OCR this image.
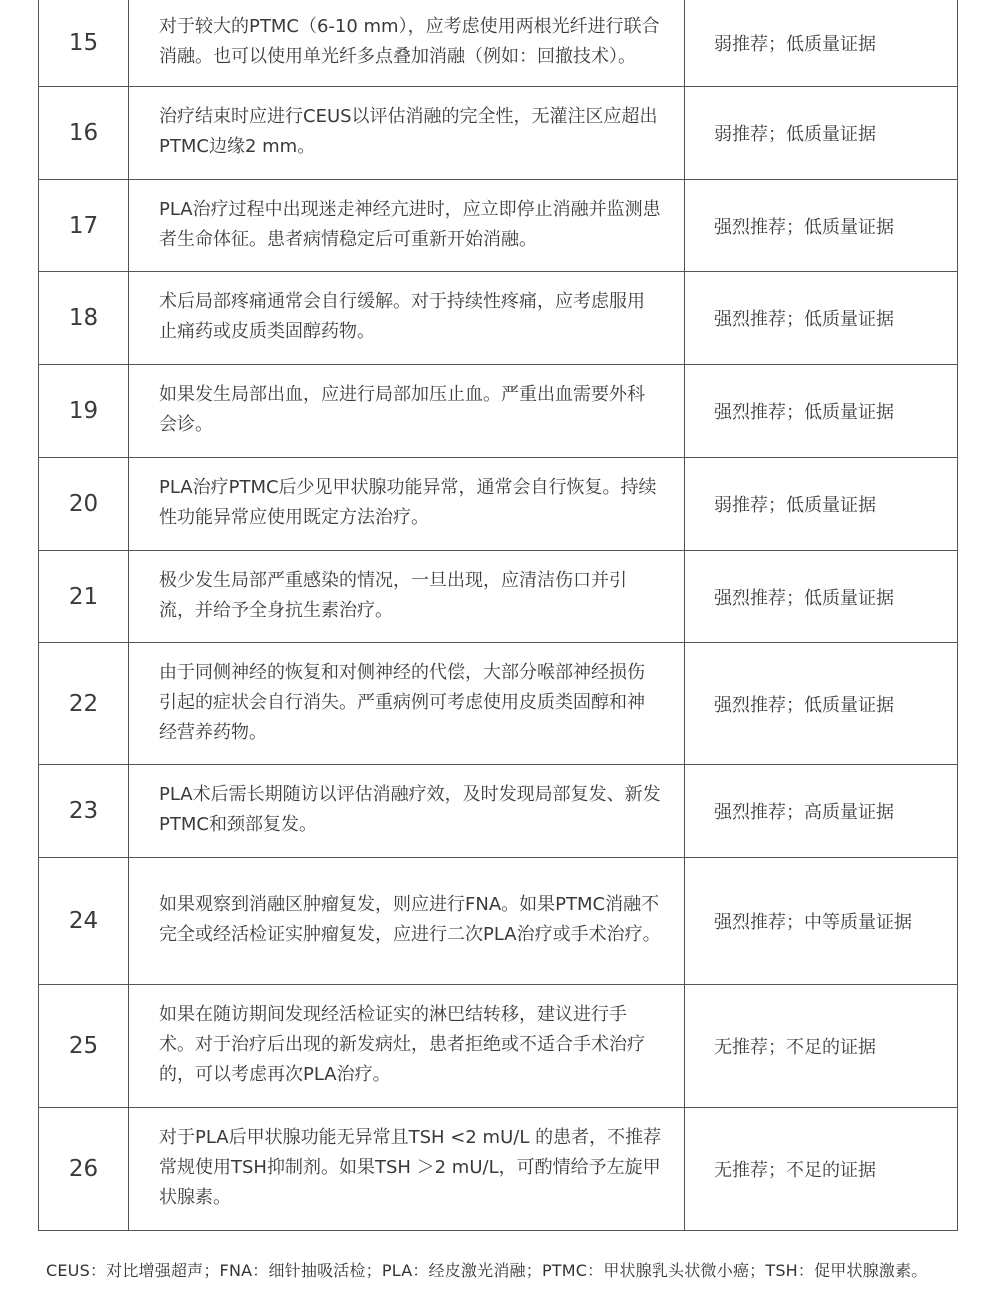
15	对于较大的PTMC（6-10 mm），应考虑使用两根光纤进行联合消融。也可以使用单光纤多点叠加消融（例如：回撤技术）。	弱推荐；低质量证据
16	治疗结束时应进行CEUS以评估消融的完全性，无灌注区应超出PTMC边缘2 mm。	弱推荐；低质量证据
17	PLA治疗过程中出现迷走神经亢进时，应立即停止消融并监测患者生命体征。患者病情稳定后可重新开始消融。	强烈推荐；低质量证据
18	术后局部疼痛通常会自行缓解。对于持续性疼痛，应考虑服用止痛药或皮质类固醇药物。	强烈推荐；低质量证据
19	如果发生局部出血，应进行局部加压止血。严重出血需要外科会诊。	强烈推荐；低质量证据
20	PLA治疗PTMC后少见甲状腺功能异常，通常会自行恢复。持续性功能异常应使用既定方法治疗。	弱推荐；低质量证据
21	极少发生局部严重感染的情况，一旦出现，应清洁伤口并引流，并给予全身抗生素治疗。	强烈推荐；低质量证据
22	由于同侧神经的恢复和对侧神经的代偿，大部分喉部神经损伤引起的症状会自行消失。严重病例可考虑使用皮质类固醇和神经营养药物。	强烈推荐；低质量证据
23	PLA术后需长期随访以评估消融疗效，及时发现局部复发、新发PTMC和颈部复发。	强烈推荐；高质量证据
24	如果观察到消融区肿瘤复发，则应进行FNA。如果PTMC消融不完全或经活检证实肿瘤复发，应进行二次PLA治疗或手术治疗。	强烈推荐；中等质量证据
25	如果在随访期间发现经活检证实的淋巴结转移，建议进行手术。对于治疗后出现的新发病灶，患者拒绝或不适合手术治疗的，可以考虑再次PLA治疗。	无推荐；不足的证据
26	对于PLA后甲状腺功能无异常且TSH <2 mU/L 的患者，不推荐常规使用TSH抑制剂。如果TSH ＞2 mU/L，可酌情给予左旋甲状腺素。	无推荐；不足的证据
CEUS：对比增强超声；FNA：细针抽吸活检；PLA：经皮激光消融；PTMC：甲状腺乳头状微小癌；TSH：促甲状腺激素。
